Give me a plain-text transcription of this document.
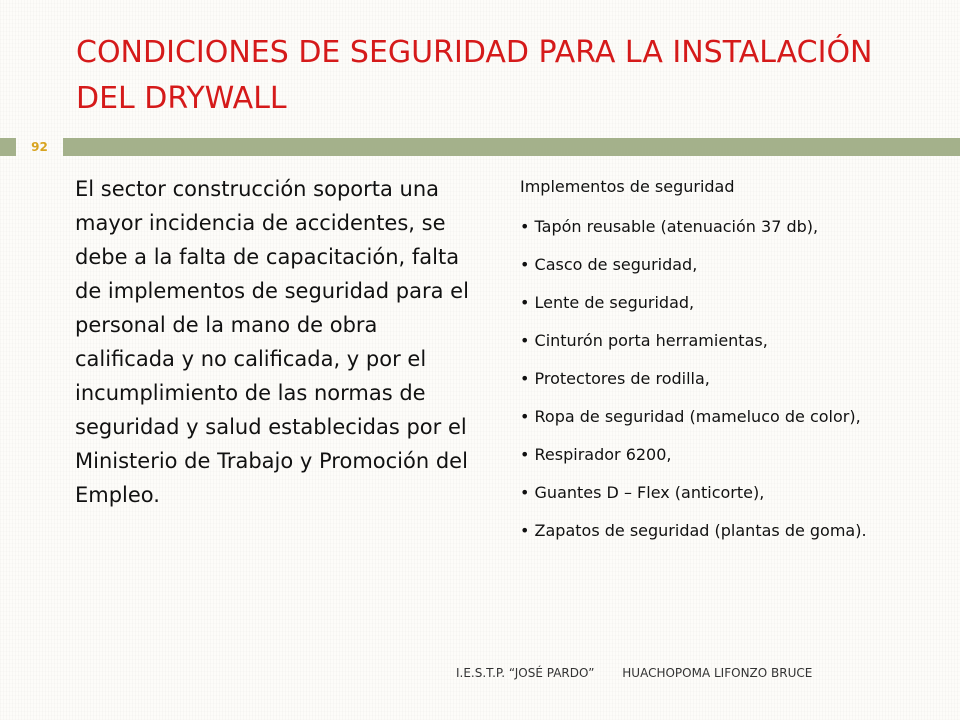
CONDICIONES DE SEGURIDAD PARA LA INSTALACIÓN DEL DRYWALL
92
El sector construcción soporta una mayor incidencia de accidentes, se debe a la falta de capacitación, falta de implementos de seguridad para el personal de la mano de obra calificada y no calificada, y por el incumplimiento de las normas de seguridad y salud establecidas por el Ministerio de Trabajo y Promoción del Empleo.
Implementos de seguridad
• Tapón reusable (atenuación 37 db),
• Casco de seguridad,
• Lente de seguridad,
• Cinturón porta herramientas,
• Protectores de rodilla,
• Ropa de seguridad (mameluco de color),
• Respirador 6200,
• Guantes D – Flex (anticorte),
• Zapatos de seguridad (plantas de goma).
I.E.S.T.P. “JOSÉ PARDO” HUACHOPOMA LIFONZO BRUCE
